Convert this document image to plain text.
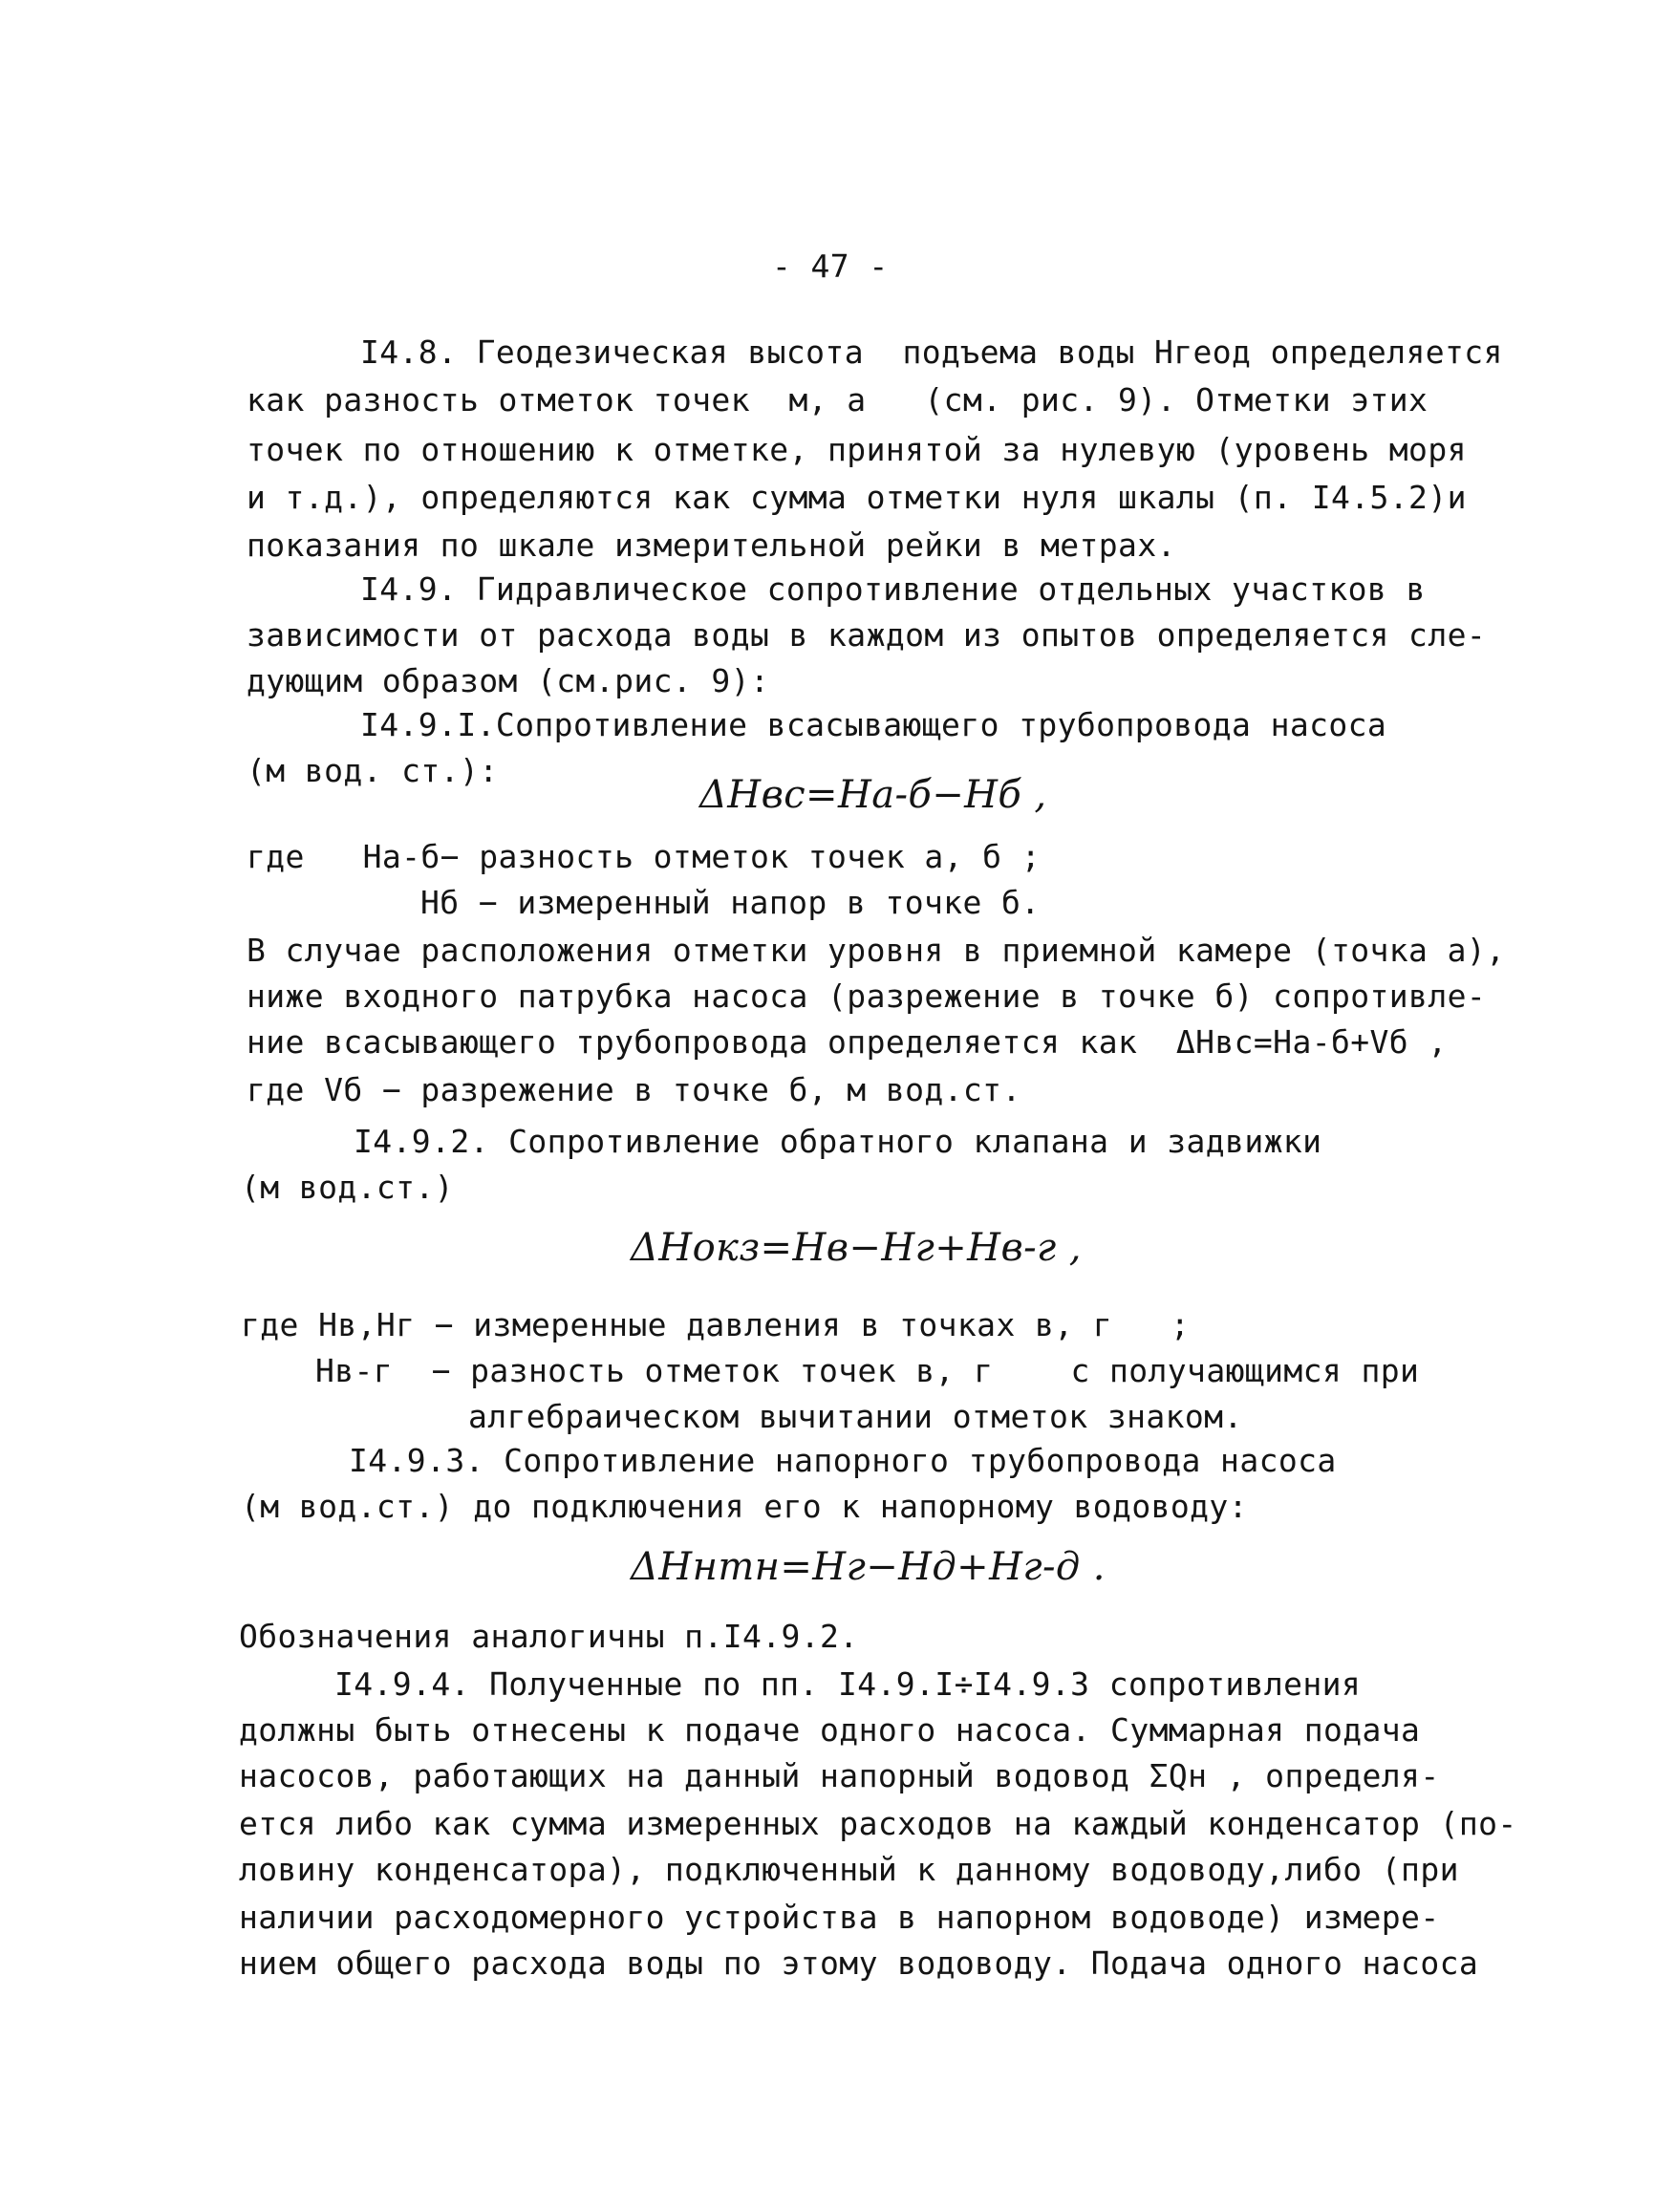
- 47 -
I4.8. Геодезическая высота  подъема воды Hгеод определяется
как разность отметок точек  м, а   (см. рис. 9). Отметки этих
точек по отношению к отметке, принятой за нулевую (уровень моря
и т.д.), определяются как сумма отметки нуля шкалы (п. I4.5.2)и
показания по шкале измерительной рейки в метрах.
I4.9. Гидравлическое сопротивление отдельных участков в
зависимости от расхода воды в каждом из опытов определяется сле-
дующим образом (см.рис. 9):
I4.9.I.Сопротивление всасывающего трубопровода насоса
(м вод. ст.):
ΔHвс=Hа-б−Hб ,
где   Hа-б− разность отметок точек а, б ;
Hб − измеренный напор в точке б.
В случае расположения отметки уровня в приемной камере (точка а),
ниже входного патрубка насоса (разрежение в точке б) сопротивле-
ние всасывающего трубопровода определяется как  ΔHвс=Hа-б+Vб ,
где Vб − разрежение в точке б, м вод.ст.
I4.9.2. Сопротивление обратного клапана и задвижки
(м вод.ст.)
ΔHокз=Hв−Hг+Hв-г ,
где Hв,Hг − измеренные давления в точках в, г   ;
Hв-г  − разность отметок точек в, г    с получающимся при
алгебраическом вычитании отметок знаком.
I4.9.3. Сопротивление напорного трубопровода насоса
(м вод.ст.) до подключения его к напорному водоводу:
ΔHнтн=Hг−Hд+Hг-д .
Обозначения аналогичны п.I4.9.2.
I4.9.4. Полученные по пп. I4.9.I÷I4.9.3 сопротивления
должны быть отнесены к подаче одного насоса. Суммарная подача
насосов, работающих на данный напорный водовод ΣQн , определя-
ется либо как сумма измеренных расходов на каждый конденсатор (по-
ловину конденсатора), подключенный к данному водоводу,либо (при
наличии расходомерного устройства в напорном водоводе) измере-
нием общего расхода воды по этому водоводу. Подача одного насоса
